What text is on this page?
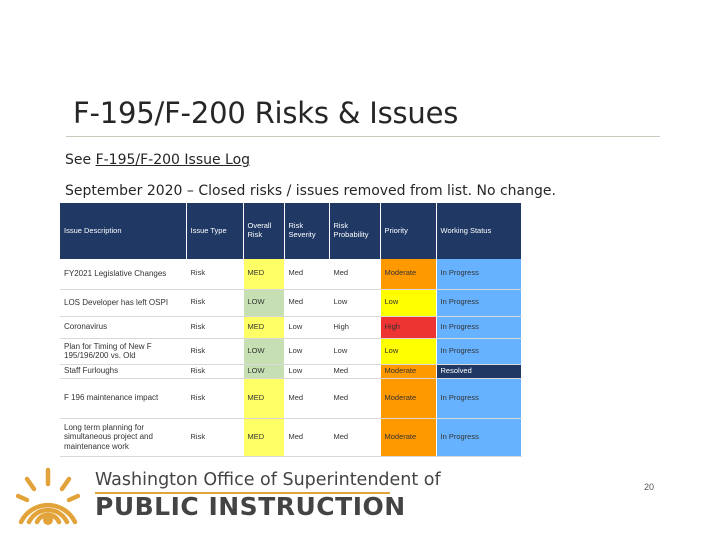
F-195/F-200 Risks & Issues
See F-195/F-200 Issue Log
September 2020 – Closed risks / issues removed from list. No change.
Issue Description	Issue Type	Overall Risk	Risk Severity	Risk Probability	Priority	Working Status
FY2021 Legislative Changes	Risk	MED	Med	Med	Moderate	In Progress
LOS Developer has left OSPI	Risk	LOW	Med	Low	Low	In Progress
Coronavirus	Risk	MED	Low	High	High	In Progress
Plan for Timing of New F 195/196/200 vs. Old	Risk	LOW	Low	Low	Low	In Progress
Staff Furloughs	Risk	LOW	Low	Med	Moderate	Resolved
F 196 maintenance impact	Risk	MED	Med	Med	Moderate	In Progress
Long term planning for simultaneous project and maintenance work	Risk	MED	Med	Med	Moderate	In Progress
Washington Office of Superintendent of
PUBLIC INSTRUCTION
20
